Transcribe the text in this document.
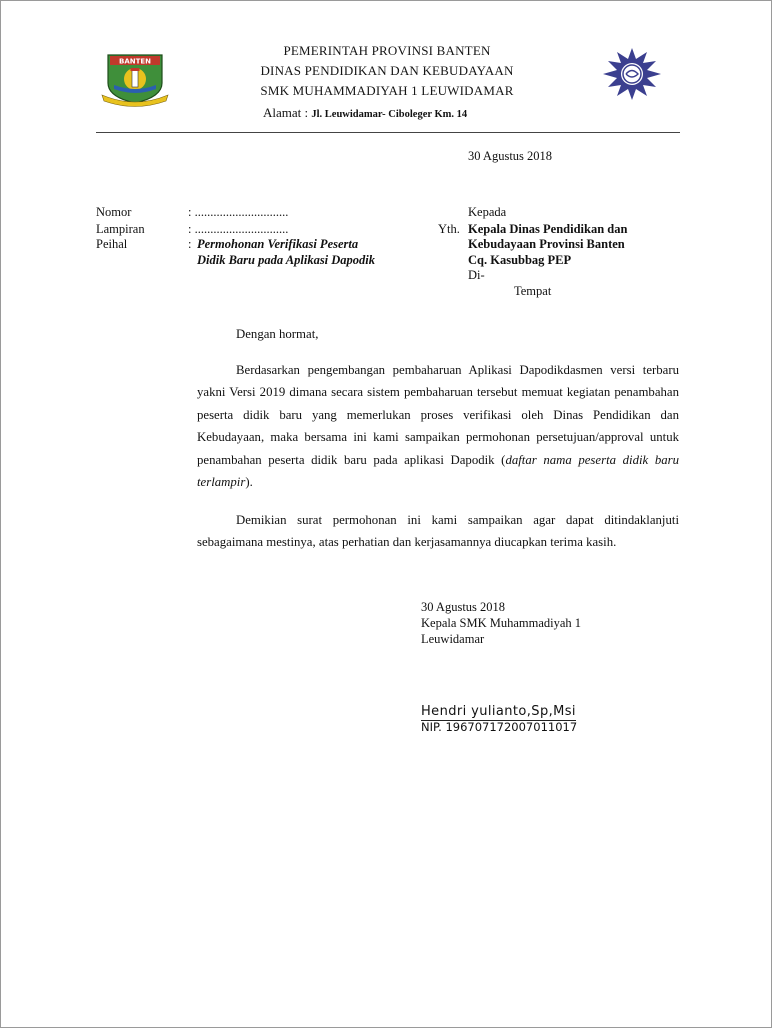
BANTEN
PEMERINTAH PROVINSI BANTEN
DINAS PENDIDIKAN DAN KEBUDAYAAN
SMK MUHAMMADIYAH 1 LEUWIDAMAR
Alamat : Jl. Leuwidamar- Ciboleger Km. 14
30 Agustus 2018
Nomor	: ..............................
Lampiran	: ..............................
Peihal	: Permohonan Verifikasi Peserta
Didik Baru pada Aplikasi Dapodik
Kepada
Yth. Kepala Dinas Pendidikan dan
Kebudayaan Provinsi Banten
Cq. Kasubbag PEP
Di-
Tempat
Dengan hormat,
Berdasarkan pengembangan pembaharuan Aplikasi Dapodikdasmen versi terbaru yakni Versi 2019 dimana secara sistem pembaharuan tersebut memuat kegiatan penambahan peserta didik baru yang memerlukan proses verifikasi oleh Dinas Pendidikan dan Kebudayaan, maka bersama ini kami sampaikan permohonan persetujuan/approval untuk penambahan peserta didik baru pada aplikasi Dapodik (daftar nama peserta didik baru terlampir).
Demikian surat permohonan ini kami sampaikan agar dapat ditindaklanjuti sebagaimana mestinya, atas perhatian dan kerjasamannya diucapkan terima kasih.
30 Agustus 2018
Kepala SMK Muhammadiyah 1
Leuwidamar
Hendri yulianto,Sp,Msi
NIP. 196707172007011017
